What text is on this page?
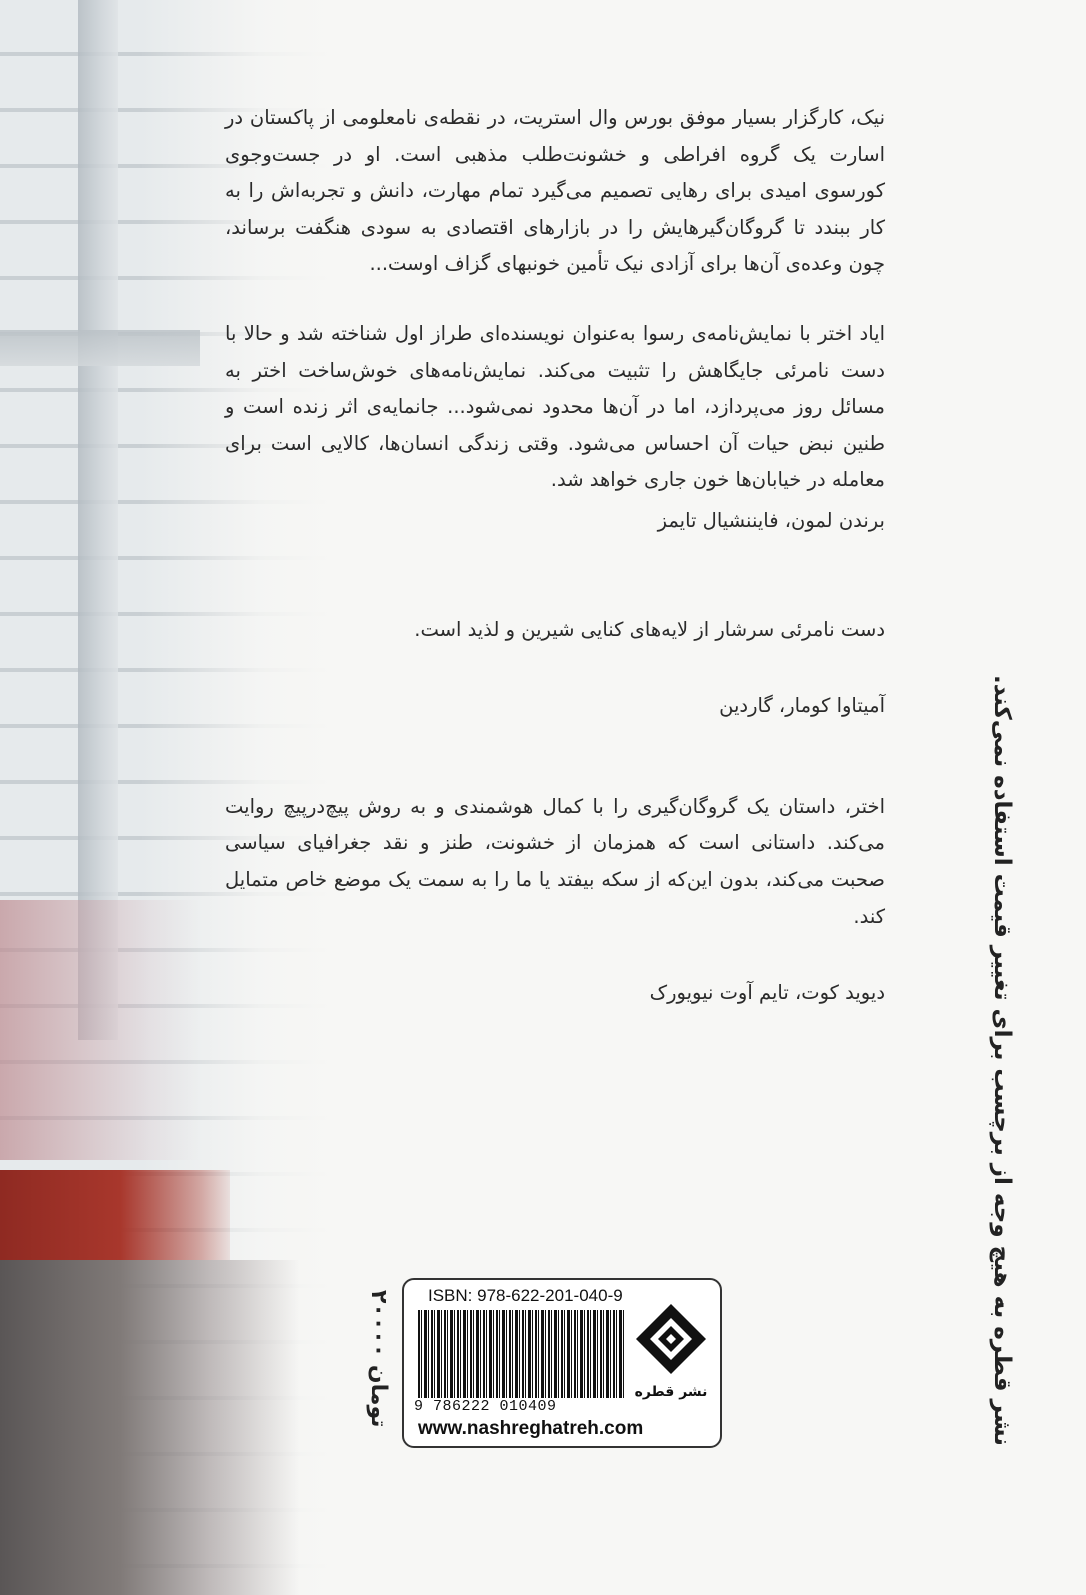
نیک، کارگزار بسیار موفق بورس وال استریت، در نقطه‌ی نامعلومی از پاکستان در اسارت یک گروه افراطی و خشونت‌طلب مذهبی است. او در جست‌وجوی کورسوی امیدی برای رهایی تصمیم می‌گیرد تمام مهارت، دانش و تجربه‌اش را به کار ببندد تا گروگان‌گیرهایش را در بازارهای اقتصادی به سودی هنگفت برساند، چون وعده‌ی آن‌ها برای آزادی نیک تأمین خونبهای گزاف اوست...

ایاد اختر با نمایش‌نامه‌ی رسوا به‌عنوان نویسنده‌ای طراز اول شناخته شد و حالا با دست نامرئی جایگاهش را تثبیت می‌کند. نمایش‌نامه‌های خوش‌ساخت اختر به مسائل روز می‌پردازد، اما در آن‌ها محدود نمی‌شود... جانمایه‌ی اثر زنده است و طنین نبض حیات آن احساس می‌شود. وقتی زندگی انسان‌ها، کالایی است برای معامله در خیابان‌ها خون جاری خواهد شد.

برندن لمون، فایننشیال تایمز

دست نامرئی سرشار از لایه‌های کنایی شیرین و لذید است.

آمیتاوا کومار، گاردین

اختر، داستان یک گروگان‌گیری را با کمال هوشمندی و به روش پیچ‌درپیچ روایت می‌کند. داستانی است که همزمان از خشونت، طنز و نقد جغرافیای سیاسی صحبت می‌کند، بدون این‌که از سکه بیفتد یا ما را به سمت یک موضع خاص متمایل کند.

دیوید کوت، تایم آوت نیویورک	نشر قطره به هیچ وجه از برچسب برای تغییر قیمت استفاده نمی‌کند.
۲۰۰۰۰ تومان
ISBN: 978-622-201-040-9
9 786222 010409
نشر قطره
www.nashreghatreh.com
